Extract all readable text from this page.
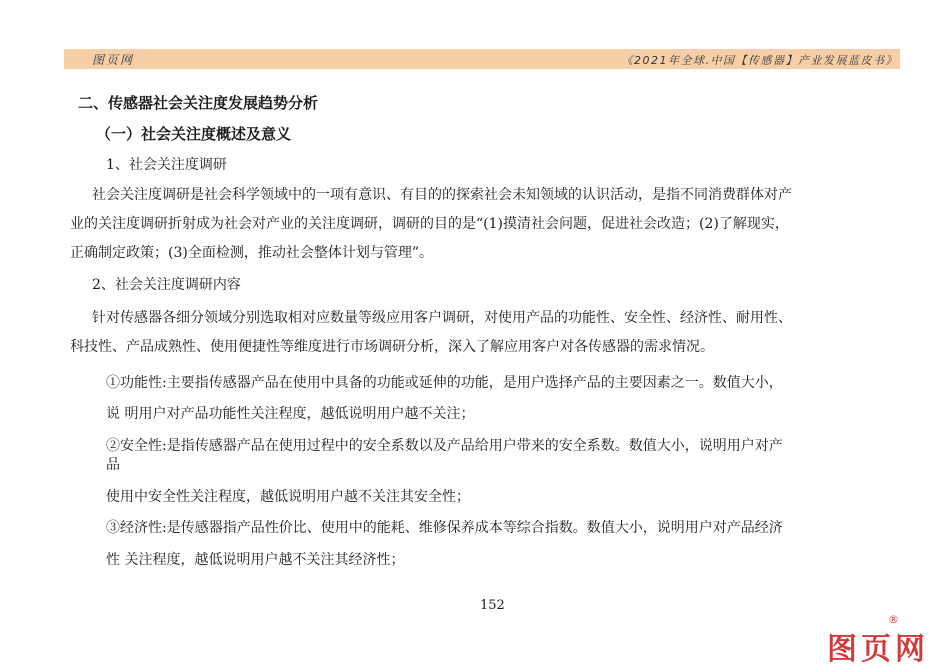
图页网	《2021年全球.中国【传感器】产业发展蓝皮书》
二、传感器社会关注度发展趋势分析
（一）社会关注度概述及意义
1、社会关注度调研
社会关注度调研是社会科学领域中的一项有意识、有目的的探索社会未知领域的认识活动，是指不同消费群体对产
业的关注度调研折射成为社会对产业的关注度调研，调研的目的是“(1)摸清社会问题，促进社会改造；(2)了解现实，
正确制定政策；(3)全面检测，推动社会整体计划与管理”。
2、社会关注度调研内容
针对传感器各细分领域分别选取相对应数量等级应用客户调研，对使用产品的功能性、安全性、经济性、耐用性、
科技性、产品成熟性、使用便捷性等维度进行市场调研分析，深入了解应用客户对各传感器的需求情况。
①功能性:主要指传感器产品在使用中具备的功能或延伸的功能，是用户选择产品的主要因素之一。数值大小，
说 明用户对产品功能性关注程度，越低说明用户越不关注；
②安全性:是指传感器产品在使用过程中的安全系数以及产品给用户带来的安全系数。数值大小，说明用户对产
品
使用中安全性关注程度，越低说明用户越不关注其安全性；
③经济性:是传感器指产品性价比、使用中的能耗、维修保养成本等综合指数。数值大小，说明用户对产品经济
性 关注程度，越低说明用户越不关注其经济性；
152
图页网
®
